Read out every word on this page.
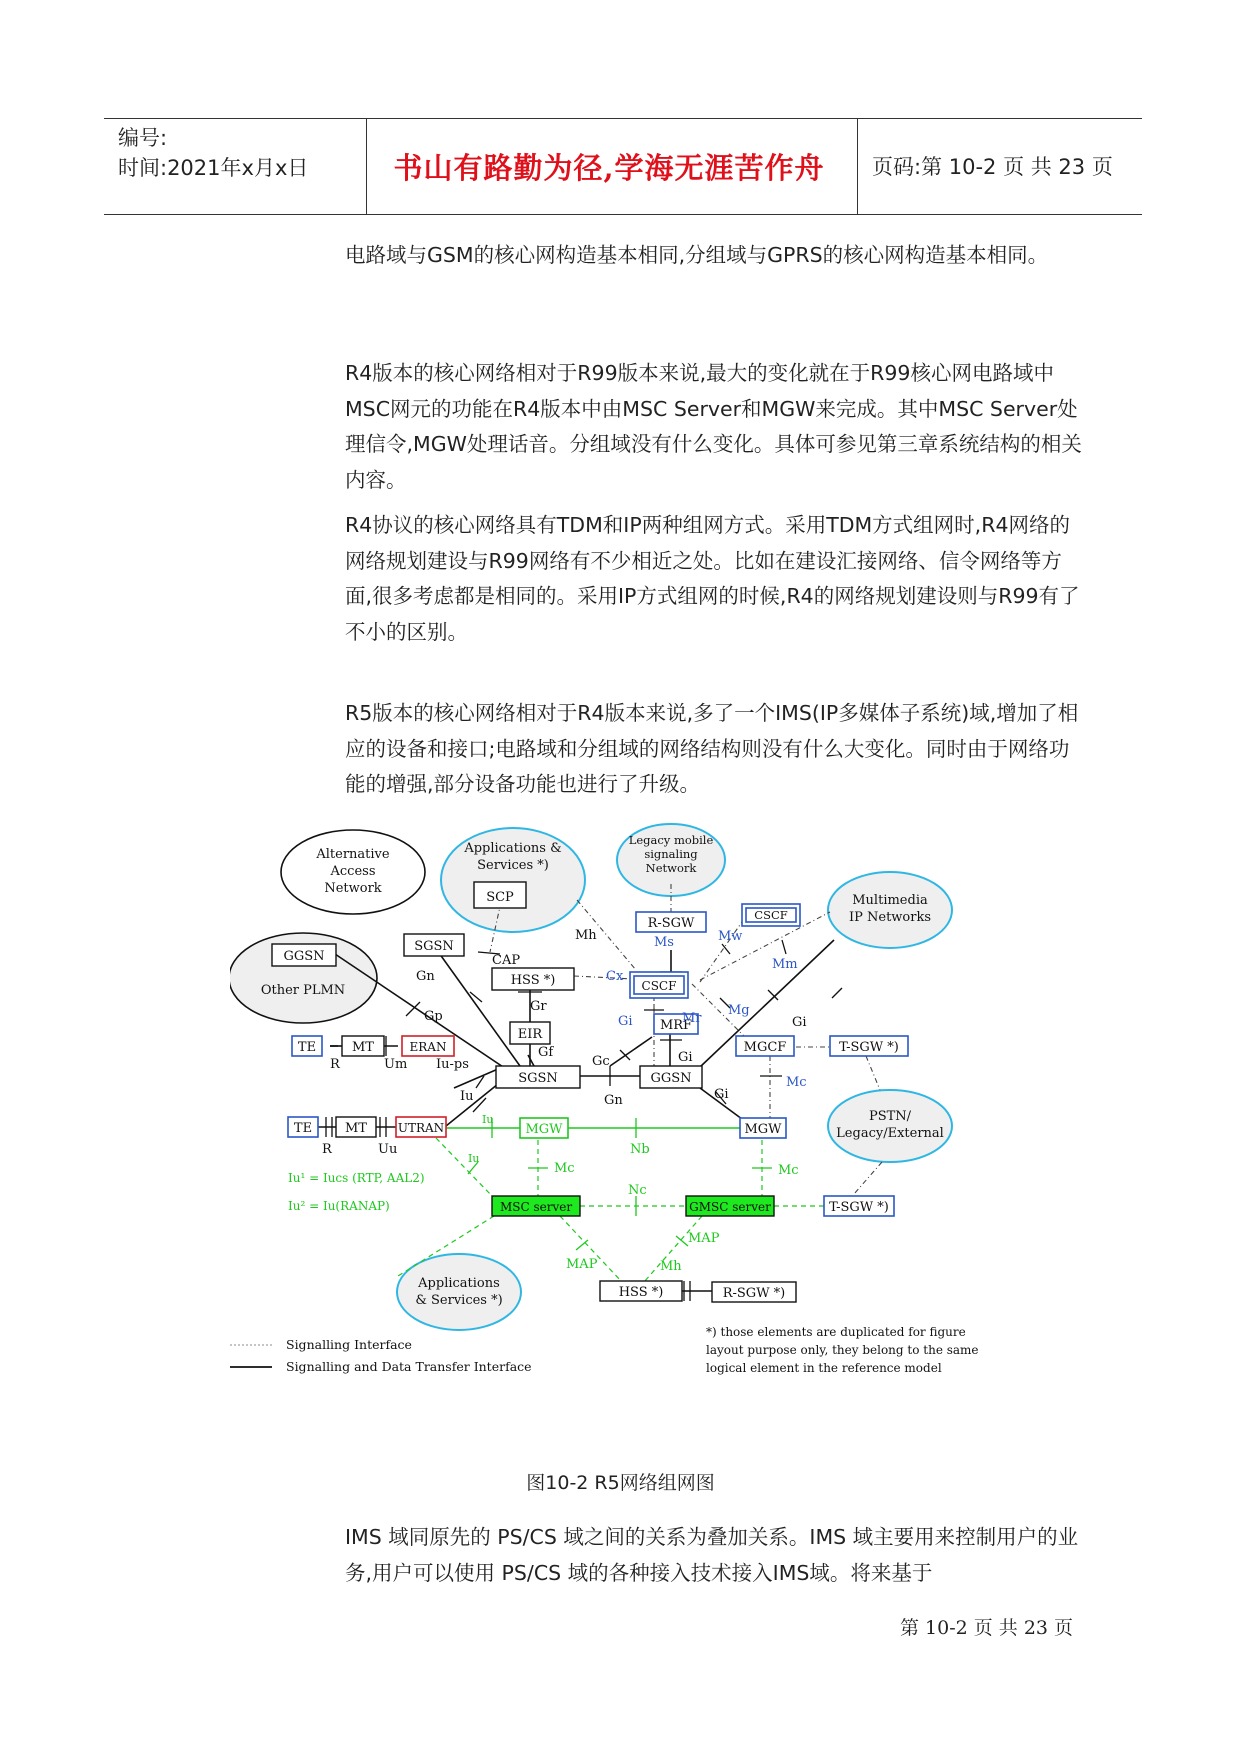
编号:
时间:2021年x月x日	书山有路勤为径,学海无涯苦作舟	页码:第 10-2 页 共 23 页
电路域与GSM的核心网构造基本相同,分组域与GPRS的核心网构造基本相同。
R4版本的核心网络相对于R99版本来说,最大的变化就在于R99核心网电路域中MSC网元的功能在R4版本中由MSC Server和MGW来完成。其中MSC Server处理信令,MGW处理话音。分组域没有什么变化。具体可参见第三章系统结构的相关内容。
R4协议的核心网络具有TDM和IP两种组网方式。采用TDM方式组网时,R4网络的网络规划建设与R99网络有不少相近之处。比如在建设汇接网络、信令网络等方面,很多考虑都是相同的。采用IP方式组网的时候,R4的网络规划建设则与R99有了不小的区别。
R5版本的核心网络相对于R4版本来说,多了一个IMS(IP多媒体子系统)域,增加了相应的设备和接口;电路域和分组域的网络结构则没有什么大变化。同时由于网络功能的增强,部分设备功能也进行了升级。
Alternative
Access
Network
Applications &
Services *)
Legacy mobile
signaling
Network
Multimedia
IP Networks
Other PLMN
PSTN/
Legacy/External
Applications
& Services *)
SCP
SGSN
GGSN
HSS *)
EIR
R-SGW
CSCF
CSCF
MRF
MGCF	T-SGW *)
TE	MT	ERAN
SGSN	GGSN
TE	MT	UTRAN	MGW	MGW
MSC server	GMSC server	T-SGW *)
HSS *)	R-SGW *)
CAP
Mh	Ms	Mw
Mm
Gn
Gp
Cx
Gr
Gi	Mr
Mg
Gi
Gf
Gc	Gi
R	Um Iu-ps
Mc
Iu	Gn	Gi
Iu
R	Uu	Nb
Iu
Mc	Mc
Nc
MAP
MAP
Mh
Iu¹ = Iucs (RTP, AAL2)
Iu² = Iu(RANAP)
Signalling Interface
Signalling and Data Transfer Interface
*) those elements are duplicated for figure
layout purpose only, they belong to the same
logical element in the reference model
图10-2 R5网络组网图
IMS 域同原先的 PS/CS 域之间的关系为叠加关系。IMS 域主要用来控制用户的业务,用户可以使用 PS/CS 域的各种接入技术接入IMS域。将来基于
第 10-2 页 共 23 页
